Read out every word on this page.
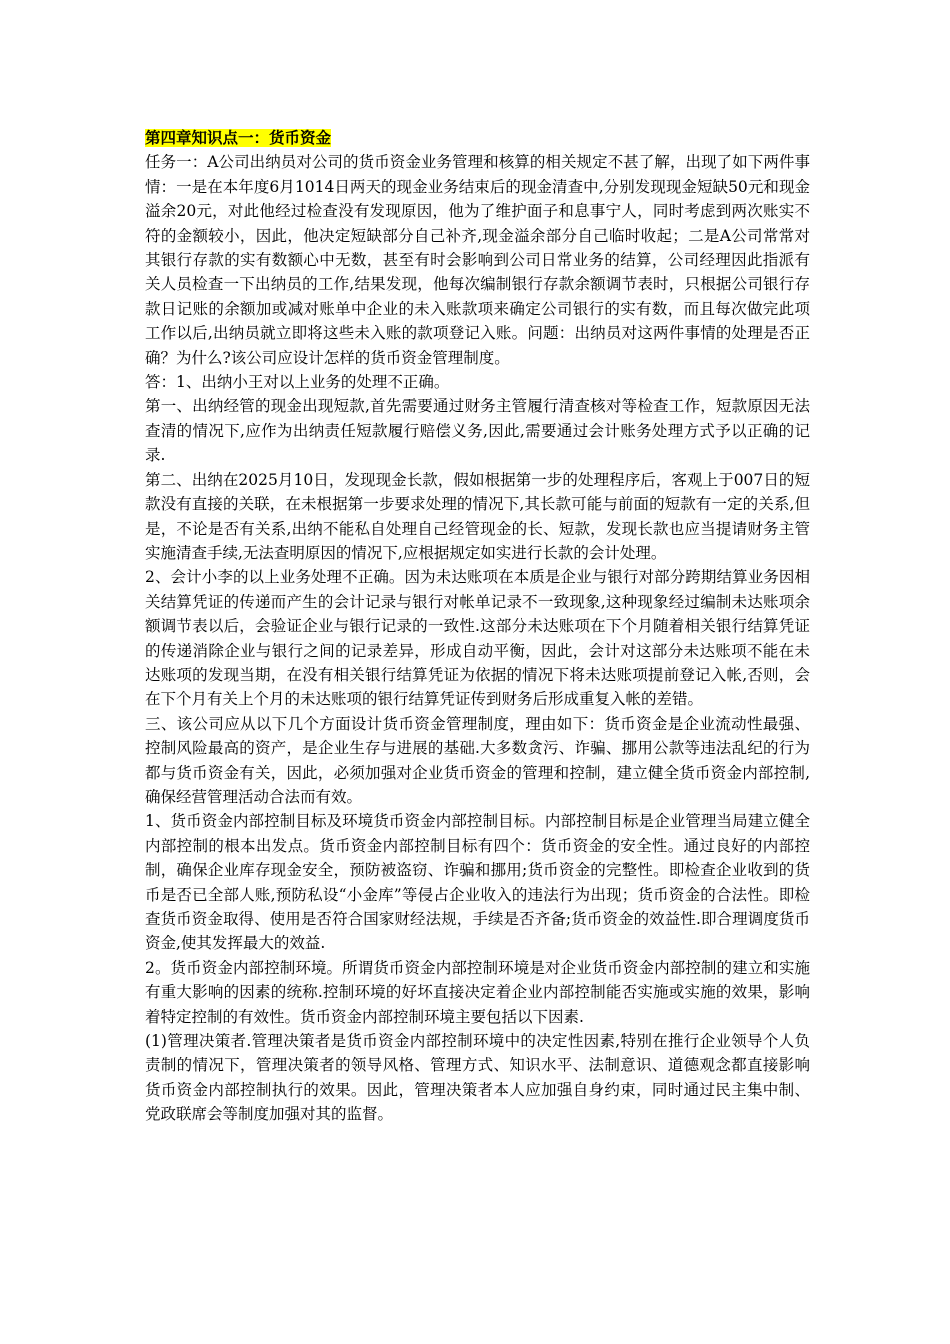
第四章知识点一：货币资金

任务一：A公司出纳员对公司的货币资金业务管理和核算的相关规定不甚了解，出现了如下两件事情：一是在本年度6月1014日两天的现金业务结束后的现金清查中,分别发现现金短缺50元和现金溢余20元，对此他经过检查没有发现原因，他为了维护面子和息事宁人，同时考虑到两次账实不符的金额较小，因此，他决定短缺部分自己补齐,现金溢余部分自己临时收起；二是A公司常常对其银行存款的实有数额心中无数，甚至有时会影响到公司日常业务的结算，公司经理因此指派有关人员检查一下出纳员的工作,结果发现，他每次编制银行存款余额调节表时，只根据公司银行存款日记账的余额加或减对账单中企业的未入账款项来确定公司银行的实有数，而且每次做完此项工作以后,出纳员就立即将这些未入账的款项登记入账。问题：出纳员对这两件事情的处理是否正确？为什么?该公司应设计怎样的货币资金管理制度。

答：1、出纳小王对以上业务的处理不正确。

第一、出纳经管的现金出现短款,首先需要通过财务主管履行清查核对等检查工作，短款原因无法查清的情况下,应作为出纳责任短款履行赔偿义务,因此,需要通过会计账务处理方式予以正确的记录.

第二、出纳在2025月10日，发现现金长款，假如根据第一步的处理程序后，客观上于007日的短款没有直接的关联，在未根据第一步要求处理的情况下,其长款可能与前面的短款有一定的关系,但是，不论是否有关系,出纳不能私自处理自己经管现金的长、短款，发现长款也应当提请财务主管实施清查手续,无法查明原因的情况下,应根据规定如实进行长款的会计处理。

2、会计小李的以上业务处理不正确。因为未达账项在本质是企业与银行对部分跨期结算业务因相关结算凭证的传递而产生的会计记录与银行对帐单记录不一致现象,这种现象经过编制未达账项余额调节表以后，会验证企业与银行记录的一致性.这部分未达账项在下个月随着相关银行结算凭证的传递消除企业与银行之间的记录差异，形成自动平衡，因此，会计对这部分未达账项不能在未达账项的发现当期，在没有相关银行结算凭证为依据的情况下将未达账项提前登记入帐,否则，会在下个月有关上个月的未达账项的银行结算凭证传到财务后形成重复入帐的差错。

三、该公司应从以下几个方面设计货币资金管理制度，理由如下：货币资金是企业流动性最强、控制风险最高的资产，是企业生存与进展的基础.大多数贪污、诈骗、挪用公款等违法乱纪的行为都与货币资金有关，因此，必须加强对企业货币资金的管理和控制，建立健全货币资金内部控制,确保经营管理活动合法而有效。

1、货币资金内部控制目标及环境货币资金内部控制目标。内部控制目标是企业管理当局建立健全内部控制的根本出发点。货币资金内部控制目标有四个：货币资金的安全性。通过良好的内部控制，确保企业库存现金安全，预防被盗窃、诈骗和挪用;货币资金的完整性。即检查企业收到的货币是否已全部人账,预防私设“小金库”等侵占企业收入的违法行为出现；货币资金的合法性。即检查货币资金取得、使用是否符合国家财经法规，手续是否齐备;货币资金的效益性.即合理调度货币资金,使其发挥最大的效益.

2。货币资金内部控制环境。所谓货币资金内部控制环境是对企业货币资金内部控制的建立和实施有重大影响的因素的统称.控制环境的好坏直接决定着企业内部控制能否实施或实施的效果，影响着特定控制的有效性。货币资金内部控制环境主要包括以下因素.

(1)管理决策者.管理决策者是货币资金内部控制环境中的决定性因素,特别在推行企业领导个人负责制的情况下，管理决策者的领导风格、管理方式、知识水平、法制意识、道德观念都直接影响货币资金内部控制执行的效果。因此，管理决策者本人应加强自身约束，同时通过民主集中制、党政联席会等制度加强对其的监督。
